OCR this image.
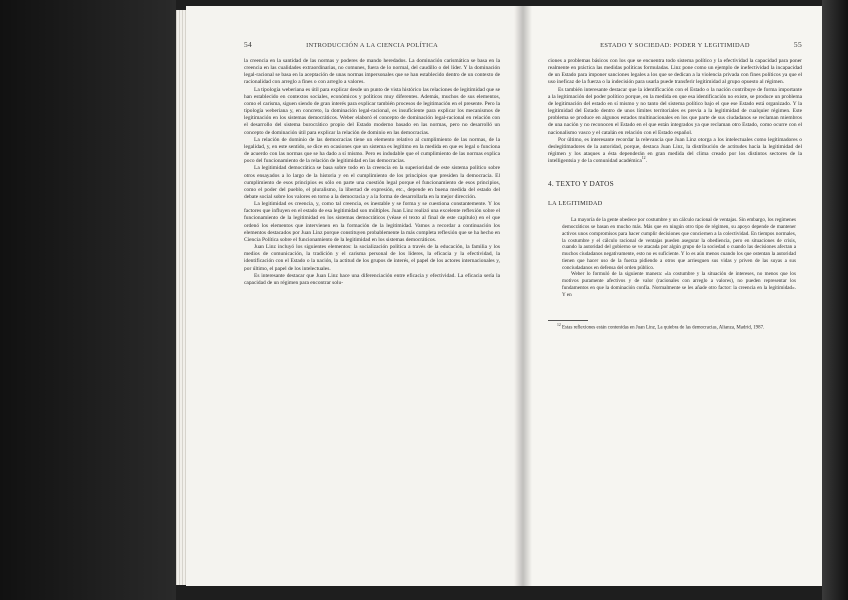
54	INTRODUCCIÓN A LA CIENCIA POLÍTICA

la creencia en la santidad de las normas y poderes de mando heredados. La dominación carismática se basa en la creencia en las cualidades extraordinarias, no comunes, fuera de lo normal, del caudillo o del líder. Y la dominación legal-racional se basa en la aceptación de unas normas impersonales que se han establecido dentro de un contexto de racionalidad con arreglo a fines o con arreglo a valores.

La tipología weberiana es útil para explicar desde un punto de vista histórico las relaciones de legitimidad que se han establecido en contextos sociales, económicos y políticos muy diferentes. Además, muchos de sus elementos, como el carisma, siguen siendo de gran interés para explicar también procesos de legitimación en el presente. Pero la tipología weberiana y, en concreto, la dominación legal-racional, es insuficiente para explicar los mecanismos de legitimación en los sistemas democráticos. Weber elaboró el concepto de dominación legal-racional en relación con el desarrollo del sistema burocrático propio del Estado moderno basado en las normas, pero no desarrolló un concepto de dominación útil para explicar la relación de dominio en las democracias.

La relación de dominio de las democracias tiene un elemento relativo al cumplimiento de las normas, de la legalidad, y, en este sentido, se dice en ocasiones que un sistema es legítimo en la medida en que es legal o funciona de acuerdo con las normas que se ha dado a sí mismo. Pero es indudable que el cumplimiento de las normas explica poco del funcionamiento de la relación de legitimidad en las democracias.

La legitimidad democrática se basa sobre todo en la creencia en la superioridad de este sistema político sobre otros ensayados a lo largo de la historia y en el cumplimiento de los principios que presiden la democracia. El cumplimiento de esos principios es sólo en parte una cuestión legal porque el funcionamiento de esos principios, como el poder del pueblo, el pluralismo, la libertad de expresión, etc., depende en buena medida del estado del debate social sobre los valores en torno a la democracia y a la forma de desarrollarla en la mejor dirección.

La legitimidad es creencia, y, como tal creencia, es inestable y se forma y se cuestiona constantemente. Y los factores que influyen en el estado de esa legitimidad son múltiples. Juan Linz realizó una excelente reflexión sobre el funcionamiento de la legitimidad en los sistemas democráticos (véase el texto al final de este capítulo) en el que ordenó los elementos que intervienen en la formación de la legitimidad. Vamos a recordar a continuación los elementos destacados por Juan Linz porque constituyen probablemente la más completa reflexión que se ha hecho en Ciencia Política sobre el funcionamiento de la legitimidad en los sistemas democráticos.

Juan Linz incluyó los siguientes elementos: la socialización política a través de la educación, la familia y los medios de comunicación, la tradición y el carisma personal de los líderes, la eficacia y la efectividad, la identificación con el Estado o la nación, la actitud de los grupos de interés, el papel de los actores internacionales y, por último, el papel de los intelectuales.

Es interesante destacar que Juan Linz hace una diferenciación entre eficacia y efectividad. La eficacia sería la capacidad de un régimen para encontrar solu-

ESTADO Y SOCIEDAD: PODER Y LEGITIMIDAD	55

ciones a problemas básicos con los que se encuentra todo sistema político y la efectividad la capacidad para poner realmente en práctica las medidas políticas formuladas. Linz pone como un ejemplo de inefectividad la incapacidad de un Estado para imponer sanciones legales a los que se dedican a la violencia privada con fines políticos ya que el uso ineficaz de la fuerza o la indecisión para usarla puede transferir legitimidad al grupo opuesto al régimen.

Es también interesante destacar que la identificación con el Estado o la nación contribuye de forma importante a la legitimación del poder político porque, en la medida en que esa identificación no existe, se produce un problema de legitimación del estado en sí mismo y no tanto del sistema político bajo el que ese Estado está organizado. Y la legitimidad del Estado dentro de unos límites territoriales es previa a la legitimidad de cualquier régimen. Este problema se produce en algunos estados multinacionales en los que parte de sus ciudadanos se reclaman miembros de una nación y no reconocen el Estado en el que están integrados ya que reclaman otro Estado, como ocurre con el nacionalismo vasco y el catalán en relación con el Estado español.

Por último, es interesante recordar la relevancia que Juan Linz otorga a los intelectuales como legitimadores o deslegitimadores de la autoridad, porque, destaca Juan Linz, la distribución de actitudes hacia la legitimidad del régimen y los ataques a ésta dependerán en gran medida del clima creado por los distintos sectores de la intelligentsia y de la comunidad académica$^{12}$.

4. TEXTO Y DATOS
LA LEGITIMIDAD

La mayoría de la gente obedece por costumbre y un cálculo racional de ventajas. Sin embargo, los regímenes democráticos se basan en mucho más. Más que en ningún otro tipo de régimen, su apoyo depende de mantener activos unos compromisos para hacer cumplir decisiones que conciernen a la colectividad. En tiempos normales, la costumbre y el cálculo racional de ventajas pueden asegurar la obediencia, pero en situaciones de crisis, cuando la autoridad del gobierno se ve atacada por algún grupo de la sociedad o cuando las decisiones afectan a muchos ciudadanos negativamente, esto no es suficiente. Y lo es aún menos cuando los que ostentan la autoridad tienen que hacer uso de la fuerza pidiendo a otros que arriesguen sus vidas y priven de las suyas a sus conciudadanos en defensa del orden público.

Weber lo formuló de la siguiente manera: «la costumbre y la situación de intereses, no menos que los motivos puramente afectivos y de valor (racionales con arreglo a valores), no pueden representar los fundamentos en que la dominación confía. Normalmente se les añade otro factor: la creencia en la legitimidad». Y en

$^{12}$ Estas reflexiones están contenidas en Juan Linz, La quiebra de las democracias, Alianza, Madrid, 1987.
